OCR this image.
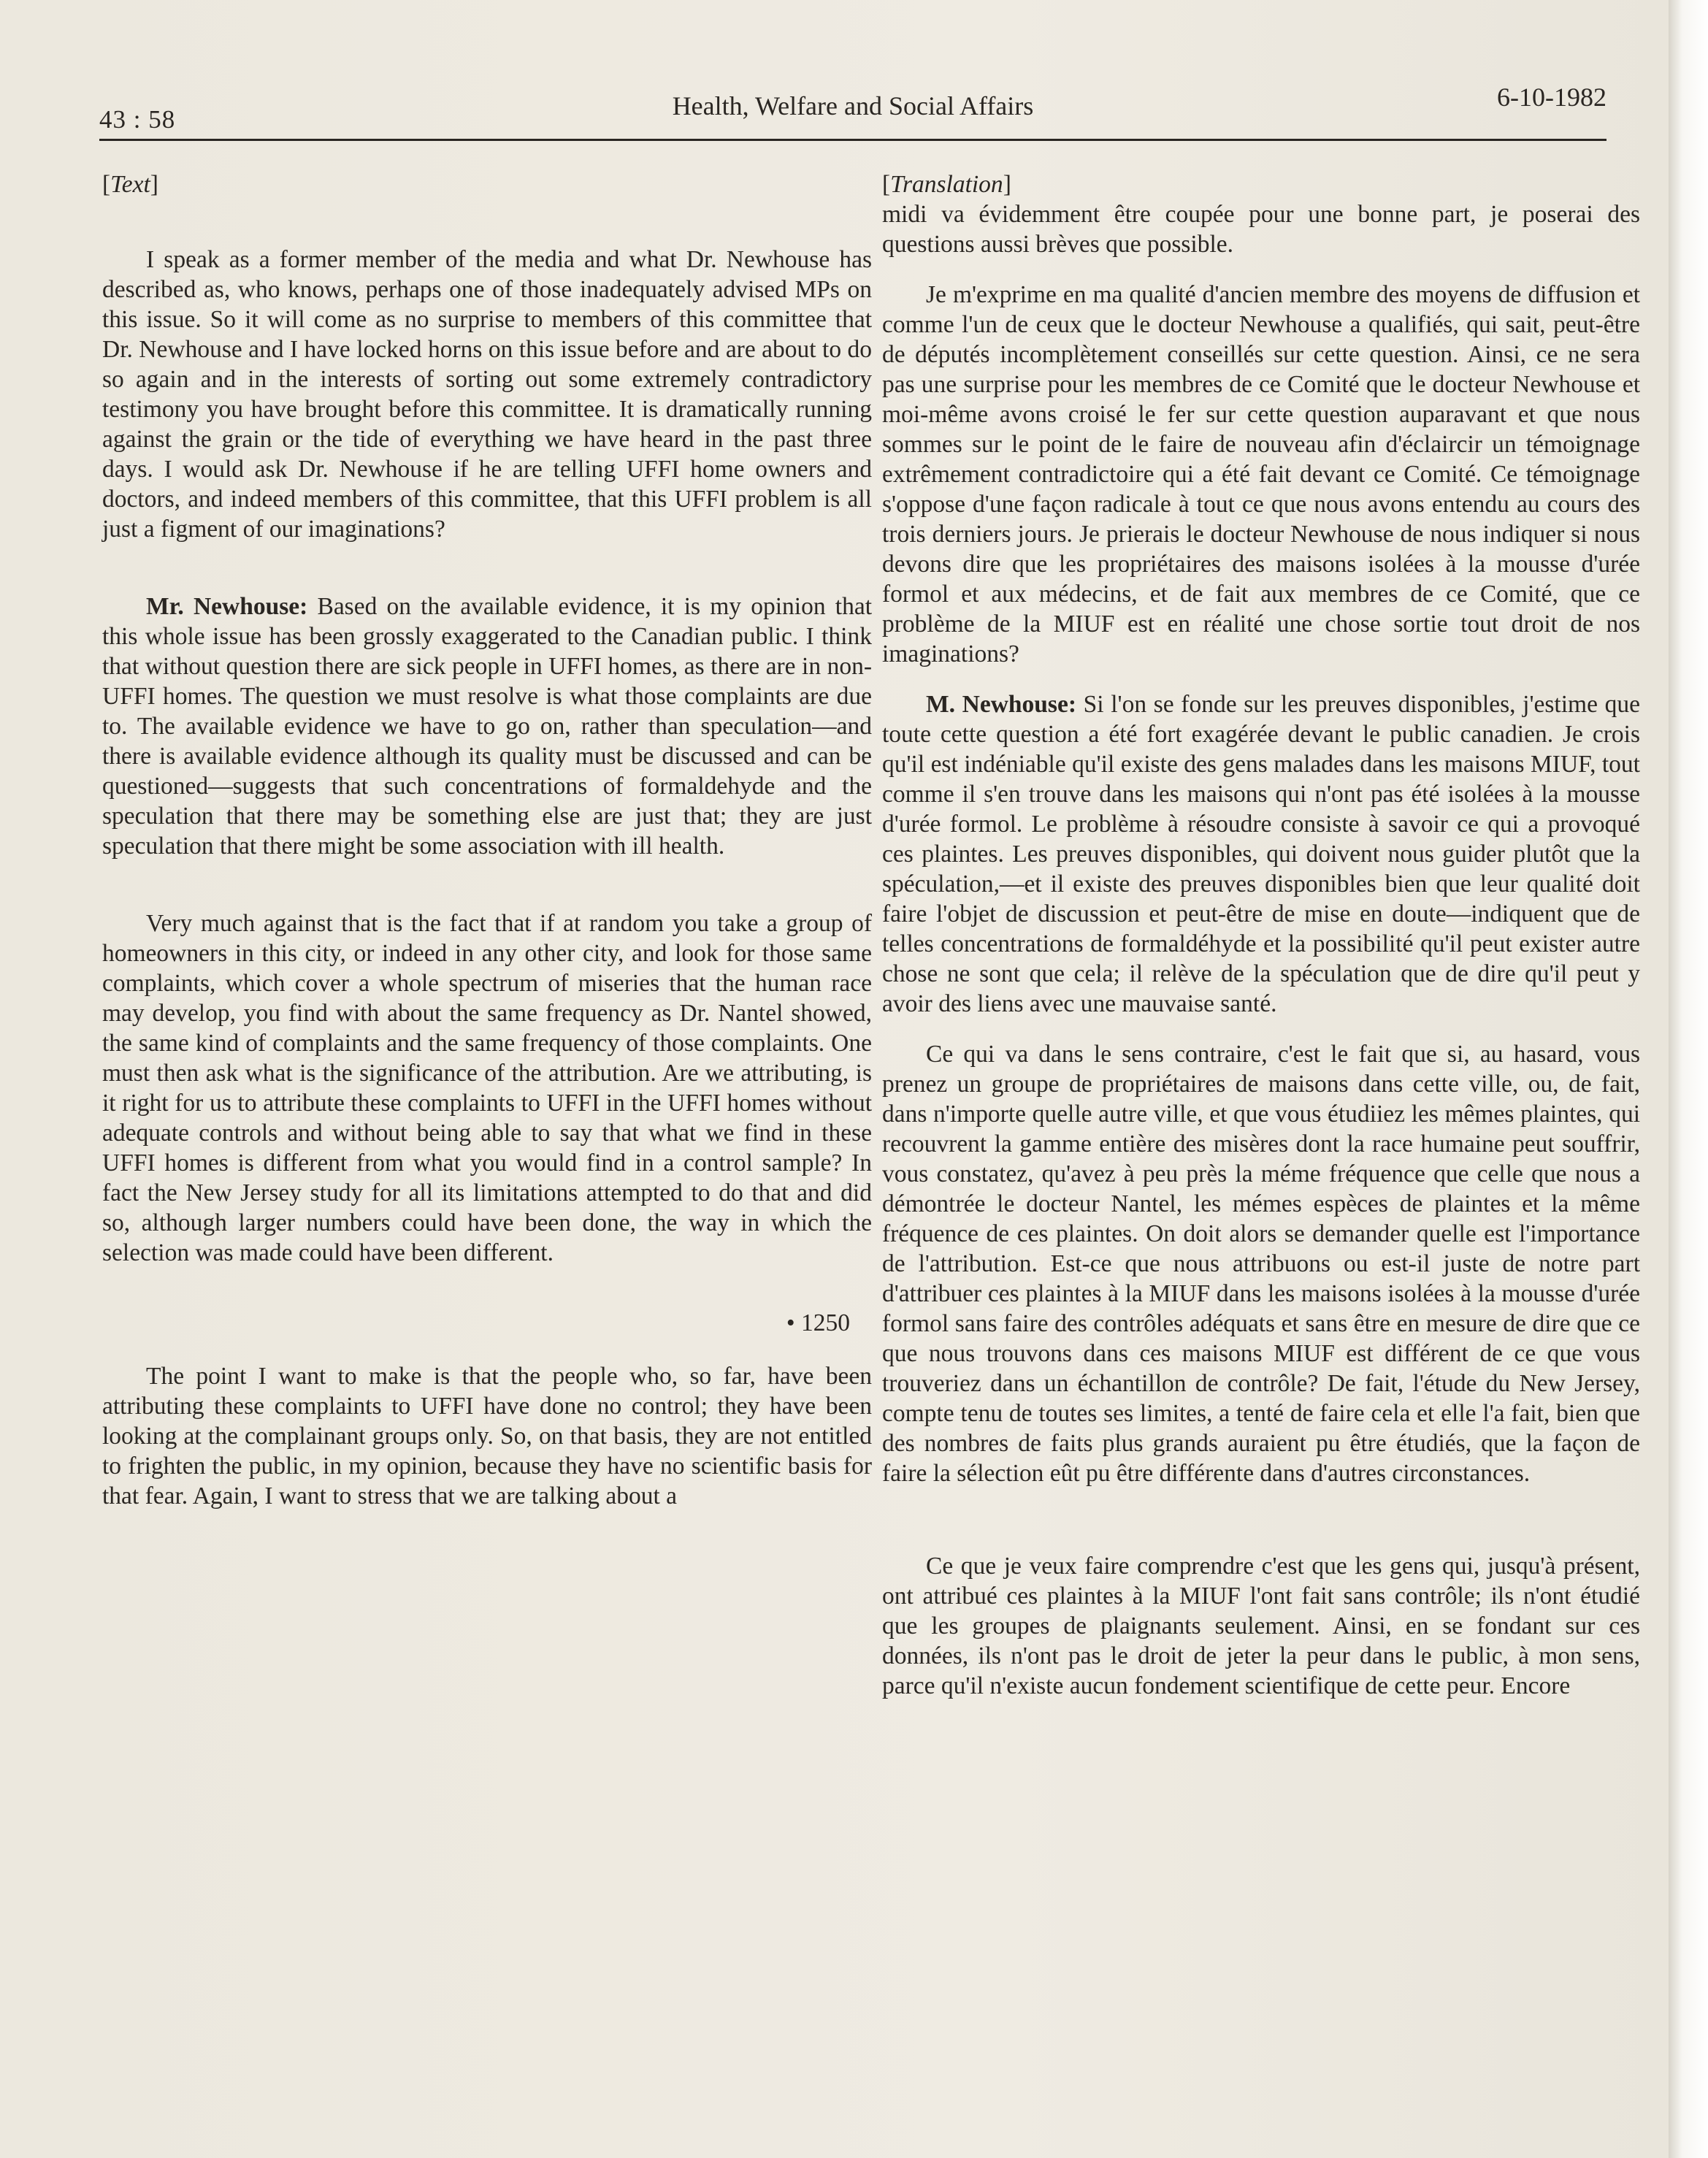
43 : 58	Health, Welfare and Social Affairs	6-10-1982
[Text]

I speak as a former member of the media and what Dr. Newhouse has described as, who knows, perhaps one of those inadequately advised MPs on this issue. So it will come as no surprise to members of this committee that Dr. Newhouse and I have locked horns on this issue before and are about to do so again and in the interests of sorting out some extremely contradictory testimony you have brought before this committee. It is dramatically running against the grain or the tide of everything we have heard in the past three days. I would ask Dr. Newhouse if he are telling UFFI home owners and doctors, and indeed members of this committee, that this UFFI problem is all just a figment of our imaginations?

Mr. Newhouse: Based on the available evidence, it is my opinion that this whole issue has been grossly exaggerated to the Canadian public. I think that without question there are sick people in UFFI homes, as there are in non-UFFI homes. The question we must resolve is what those complaints are due to. The available evidence we have to go on, rather than speculation—and there is available evidence although its quality must be discussed and can be questioned—suggests that such concentrations of formaldehyde and the speculation that there may be something else are just that; they are just speculation that there might be some association with ill health.

Very much against that is the fact that if at random you take a group of homeowners in this city, or indeed in any other city, and look for those same complaints, which cover a whole spectrum of miseries that the human race may develop, you find with about the same frequency as Dr. Nantel showed, the same kind of complaints and the same frequency of those complaints. One must then ask what is the significance of the attribution. Are we attributing, is it right for us to attribute these complaints to UFFI in the UFFI homes without adequate controls and without being able to say that what we find in these UFFI homes is different from what you would find in a control sample? In fact the New Jersey study for all its limitations attempted to do that and did so, although larger numbers could have been done, the way in which the selection was made could have been different.

• 1250

The point I want to make is that the people who, so far, have been attributing these complaints to UFFI have done no control; they have been looking at the complainant groups only. So, on that basis, they are not entitled to frighten the public, in my opinion, because they have no scientific basis for that fear. Again, I want to stress that we are talking about a

[Translation]

midi va évidemment être coupée pour une bonne part, je poserai des questions aussi brèves que possible.

Je m'exprime en ma qualité d'ancien membre des moyens de diffusion et comme l'un de ceux que le docteur Newhouse a qualifiés, qui sait, peut-être de députés incomplètement conseillés sur cette question. Ainsi, ce ne sera pas une surprise pour les membres de ce Comité que le docteur Newhouse et moi-même avons croisé le fer sur cette question auparavant et que nous sommes sur le point de le faire de nouveau afin d'éclaircir un témoignage extrêmement contradictoire qui a été fait devant ce Comité. Ce témoignage s'oppose d'une façon radicale à tout ce que nous avons entendu au cours des trois derniers jours. Je prierais le docteur Newhouse de nous indiquer si nous devons dire que les propriétaires des maisons isolées à la mousse d'urée formol et aux médecins, et de fait aux membres de ce Comité, que ce problème de la MIUF est en réalité une chose sortie tout droit de nos imaginations?

M. Newhouse: Si l'on se fonde sur les preuves disponibles, j'estime que toute cette question a été fort exagérée devant le public canadien. Je crois qu'il est indéniable qu'il existe des gens malades dans les maisons MIUF, tout comme il s'en trouve dans les maisons qui n'ont pas été isolées à la mousse d'urée formol. Le problème à résoudre consiste à savoir ce qui a provoqué ces plaintes. Les preuves disponibles, qui doivent nous guider plutôt que la spéculation,—et il existe des preuves disponibles bien que leur qualité doit faire l'objet de discussion et peut-être de mise en doute—indiquent que de telles concentrations de formaldéhyde et la possibilité qu'il peut exister autre chose ne sont que cela; il relève de la spéculation que de dire qu'il peut y avoir des liens avec une mauvaise santé.

Ce qui va dans le sens contraire, c'est le fait que si, au hasard, vous prenez un groupe de propriétaires de maisons dans cette ville, ou, de fait, dans n'importe quelle autre ville, et que vous étudiiez les mêmes plaintes, qui recouvrent la gamme entière des misères dont la race humaine peut souffrir, vous constatez, qu'avez à peu près la méme fréquence que celle que nous a démontrée le docteur Nantel, les mémes espèces de plaintes et la même fréquence de ces plaintes. On doit alors se demander quelle est l'importance de l'attribution. Est-ce que nous attribuons ou est-il juste de notre part d'attribuer ces plaintes à la MIUF dans les maisons isolées à la mousse d'urée formol sans faire des contrôles adéquats et sans être en mesure de dire que ce que nous trouvons dans ces maisons MIUF est différent de ce que vous trouveriez dans un échantillon de contrôle? De fait, l'étude du New Jersey, compte tenu de toutes ses limites, a tenté de faire cela et elle l'a fait, bien que des nombres de faits plus grands auraient pu être étudiés, que la façon de faire la sélection eût pu être différente dans d'autres circonstances.

Ce que je veux faire comprendre c'est que les gens qui, jusqu'à présent, ont attribué ces plaintes à la MIUF l'ont fait sans contrôle; ils n'ont étudié que les groupes de plaignants seulement. Ainsi, en se fondant sur ces données, ils n'ont pas le droit de jeter la peur dans le public, à mon sens, parce qu'il n'existe aucun fondement scientifique de cette peur. Encore
